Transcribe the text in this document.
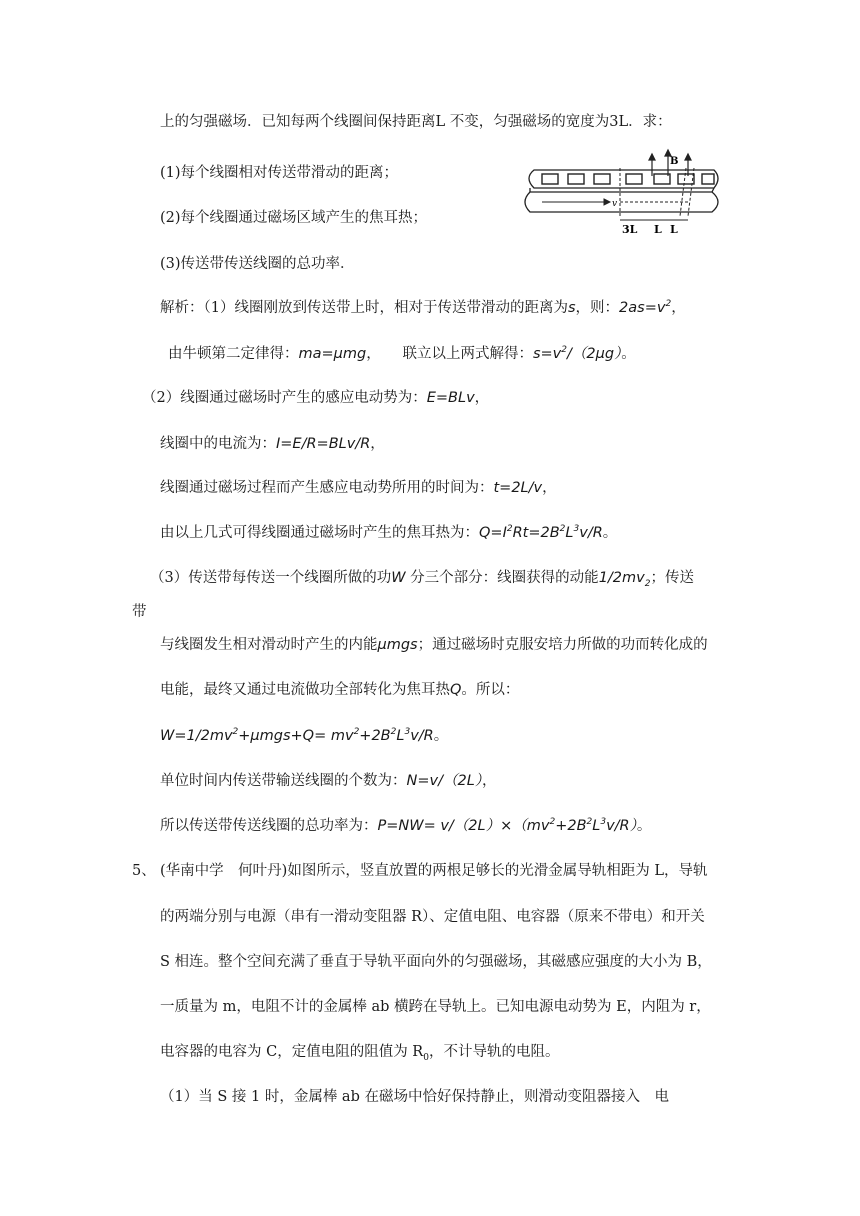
上的匀强磁场．已知每两个线圈间保持距离L 不变，匀强磁场的宽度为3L．求：
(1)每个线圈相对传送带滑动的距离；
(2)每个线圈通过磁场区域产生的焦耳热；
(3)传送带传送线圈的总功率．
B
v
3L L L
解析：（1）线圈刚放到传送带上时，相对于传送带滑动的距离为s，则：$2as=v^2$，
由牛顿第二定律得：ma=μmg，　　联立以上两式解得：$s=v^2/(2\mu g)$。
（2）线圈通过磁场时产生的感应电动势为：E=BLv，
线圈中的电流为：I=E/R=BLv/R，
线圈通过磁场过程而产生感应电动势所用的时间为：t=2L/v，
由以上几式可得线圈通过磁场时产生的焦耳热为：$Q=I^2Rt=2B^2L^3v/R$。
（3）传送带每传送一个线圈所做的功W 分三个部分：线圈获得的动能$1/2mv_2$；传送
带
与线圈发生相对滑动时产生的内能μmgs；通过磁场时克服安培力所做的功而转化成的
电能，最终又通过电流做功全部转化为焦耳热Q。所以：
$W=1/2mv^2+\mu mgs+Q= mv^2+2B^2L^3v/R$。
单位时间内传送带输送线圈的个数为：N=v/（2L），
所以传送带传送线圈的总功率为：$P=NW= v/(2L)\times(mv^2+2B^2L^3v/R)$。
5、 (华南中学　何叶丹)如图所示，竖直放置的两根足够长的光滑金属导轨相距为 L，导轨
的两端分别与电源（串有一滑动变阻器 R）、定值电阻、电容器（原来不带电）和开关
S 相连。整个空间充满了垂直于导轨平面向外的匀强磁场，其磁感应强度的大小为 B，
一质量为 m，电阻不计的金属棒 ab 横跨在导轨上。已知电源电动势为 E，内阻为 r，
电容器的电容为 C，定值电阻的阻值为 $R_0$，不计导轨的电阻。
（1）当 S 接 1 时，金属棒 ab 在磁场中恰好保持静止，则滑动变阻器接入　电
